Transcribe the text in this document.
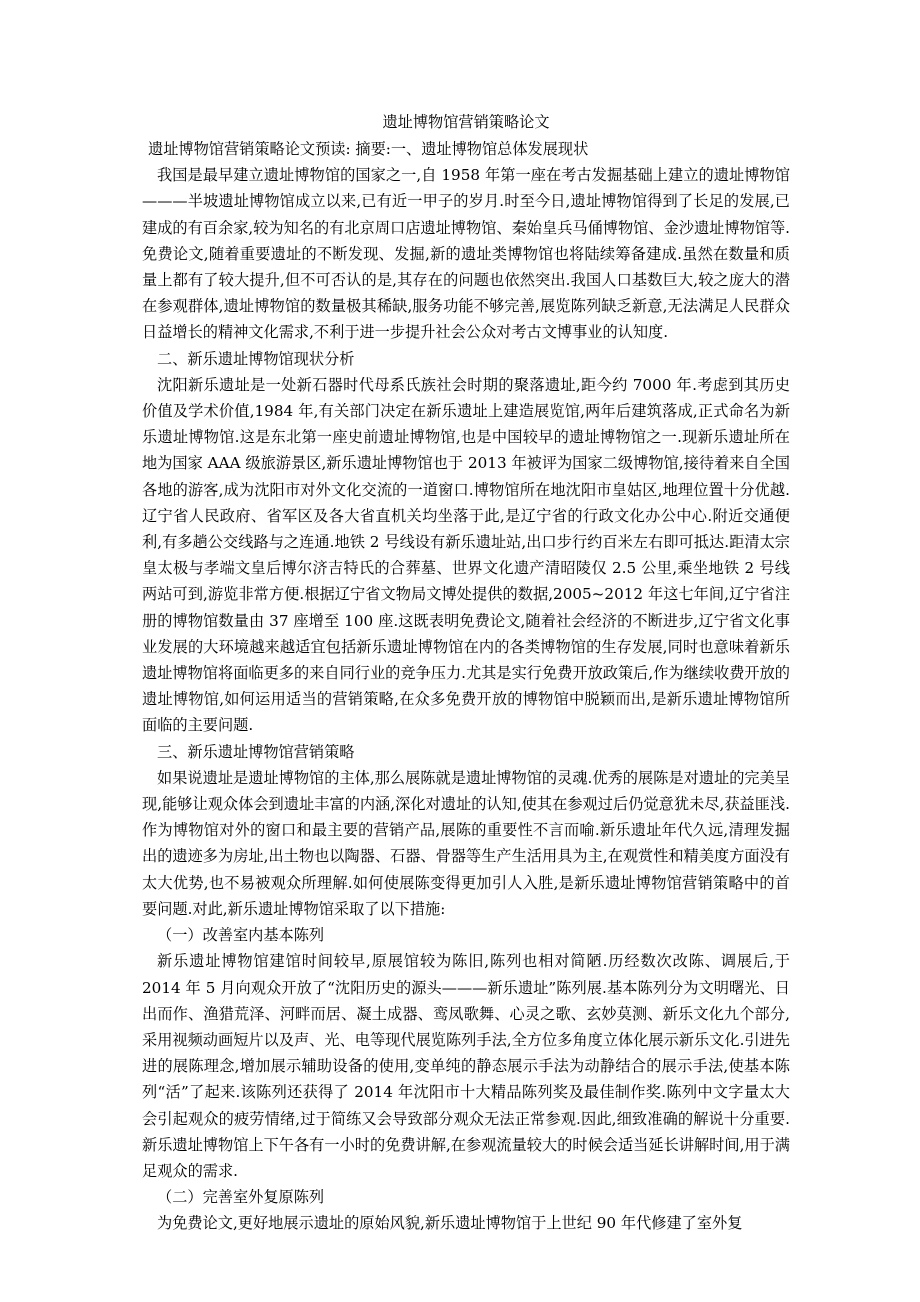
遗址博物馆营销策略论文

遗址博物馆营销策略论文预读: 摘要:一、遗址博物馆总体发展现状

我国是最早建立遗址博物馆的国家之一,自 1958 年第一座在考古发掘基础上建立的遗址博物馆———半坡遗址博物馆成立以来,已有近一甲子的岁月.时至今日,遗址博物馆得到了长足的发展,已建成的有百余家,较为知名的有北京周口店遗址博物馆、秦始皇兵马俑博物馆、金沙遗址博物馆等.免费论文,随着重要遗址的不断发现、发掘,新的遗址类博物馆也将陆续筹备建成.虽然在数量和质量上都有了较大提升,但不可否认的是,其存在的问题也依然突出.我国人口基数巨大,较之庞大的潜在参观群体,遗址博物馆的数量极其稀缺,服务功能不够完善,展览陈列缺乏新意,无法满足人民群众日益增长的精神文化需求,不利于进一步提升社会公众对考古文博事业的认知度.

二、新乐遗址博物馆现状分析

沈阳新乐遗址是一处新石器时代母系氏族社会时期的聚落遗址,距今约 7000 年.考虑到其历史价值及学术价值,1984 年,有关部门决定在新乐遗址上建造展览馆,两年后建筑落成,正式命名为新乐遗址博物馆.这是东北第一座史前遗址博物馆,也是中国较早的遗址博物馆之一.现新乐遗址所在地为国家 AAA 级旅游景区,新乐遗址博物馆也于 2013 年被评为国家二级博物馆,接待着来自全国各地的游客,成为沈阳市对外文化交流的一道窗口.博物馆所在地沈阳市皇姑区,地理位置十分优越.辽宁省人民政府、省军区及各大省直机关均坐落于此,是辽宁省的行政文化办公中心.附近交通便利,有多趟公交线路与之连通.地铁 2 号线设有新乐遗址站,出口步行约百米左右即可抵达.距清太宗皇太极与孝端文皇后博尔济吉特氏的合葬墓、世界文化遗产清昭陵仅 2.5 公里,乘坐地铁 2 号线两站可到,游览非常方便.根据辽宁省文物局文博处提供的数据,2005~2012 年这七年间,辽宁省注册的博物馆数量由 37 座增至 100 座.这既表明免费论文,随着社会经济的不断进步,辽宁省文化事业发展的大环境越来越适宜包括新乐遗址博物馆在内的各类博物馆的生存发展,同时也意味着新乐遗址博物馆将面临更多的来自同行业的竞争压力.尤其是实行免费开放政策后,作为继续收费开放的遗址博物馆,如何运用适当的营销策略,在众多免费开放的博物馆中脱颖而出,是新乐遗址博物馆所面临的主要问题.

三、新乐遗址博物馆营销策略

如果说遗址是遗址博物馆的主体,那么展陈就是遗址博物馆的灵魂.优秀的展陈是对遗址的完美呈现,能够让观众体会到遗址丰富的内涵,深化对遗址的认知,使其在参观过后仍觉意犹未尽,获益匪浅.作为博物馆对外的窗口和最主要的营销产品,展陈的重要性不言而喻.新乐遗址年代久远,清理发掘出的遗迹多为房址,出土物也以陶器、石器、骨器等生产生活用具为主,在观赏性和精美度方面没有太大优势,也不易被观众所理解.如何使展陈变得更加引人入胜,是新乐遗址博物馆营销策略中的首要问题.对此,新乐遗址博物馆采取了以下措施:

（一）改善室内基本陈列

新乐遗址博物馆建馆时间较早,原展馆较为陈旧,陈列也相对简陋.历经数次改陈、调展后,于 2014 年 5 月向观众开放了“沈阳历史的源头———新乐遗址”陈列展.基本陈列分为文明曙光、日出而作、渔猎荒泽、河畔而居、凝土成器、鸾凤歌舞、心灵之歌、玄妙莫测、新乐文化九个部分,采用视频动画短片以及声、光、电等现代展览陈列手法,全方位多角度立体化展示新乐文化.引进先进的展陈理念,增加展示辅助设备的使用,变单纯的静态展示手法为动静结合的展示手法,使基本陈列“活”了起来.该陈列还获得了 2014 年沈阳市十大精品陈列奖及最佳制作奖.陈列中文字量太大会引起观众的疲劳情绪,过于简练又会导致部分观众无法正常参观.因此,细致准确的解说十分重要.新乐遗址博物馆上下午各有一小时的免费讲解,在参观流量较大的时候会适当延长讲解时间,用于满足观众的需求.

（二）完善室外复原陈列

为免费论文,更好地展示遗址的原始风貌,新乐遗址博物馆于上世纪 90 年代修建了室外复
